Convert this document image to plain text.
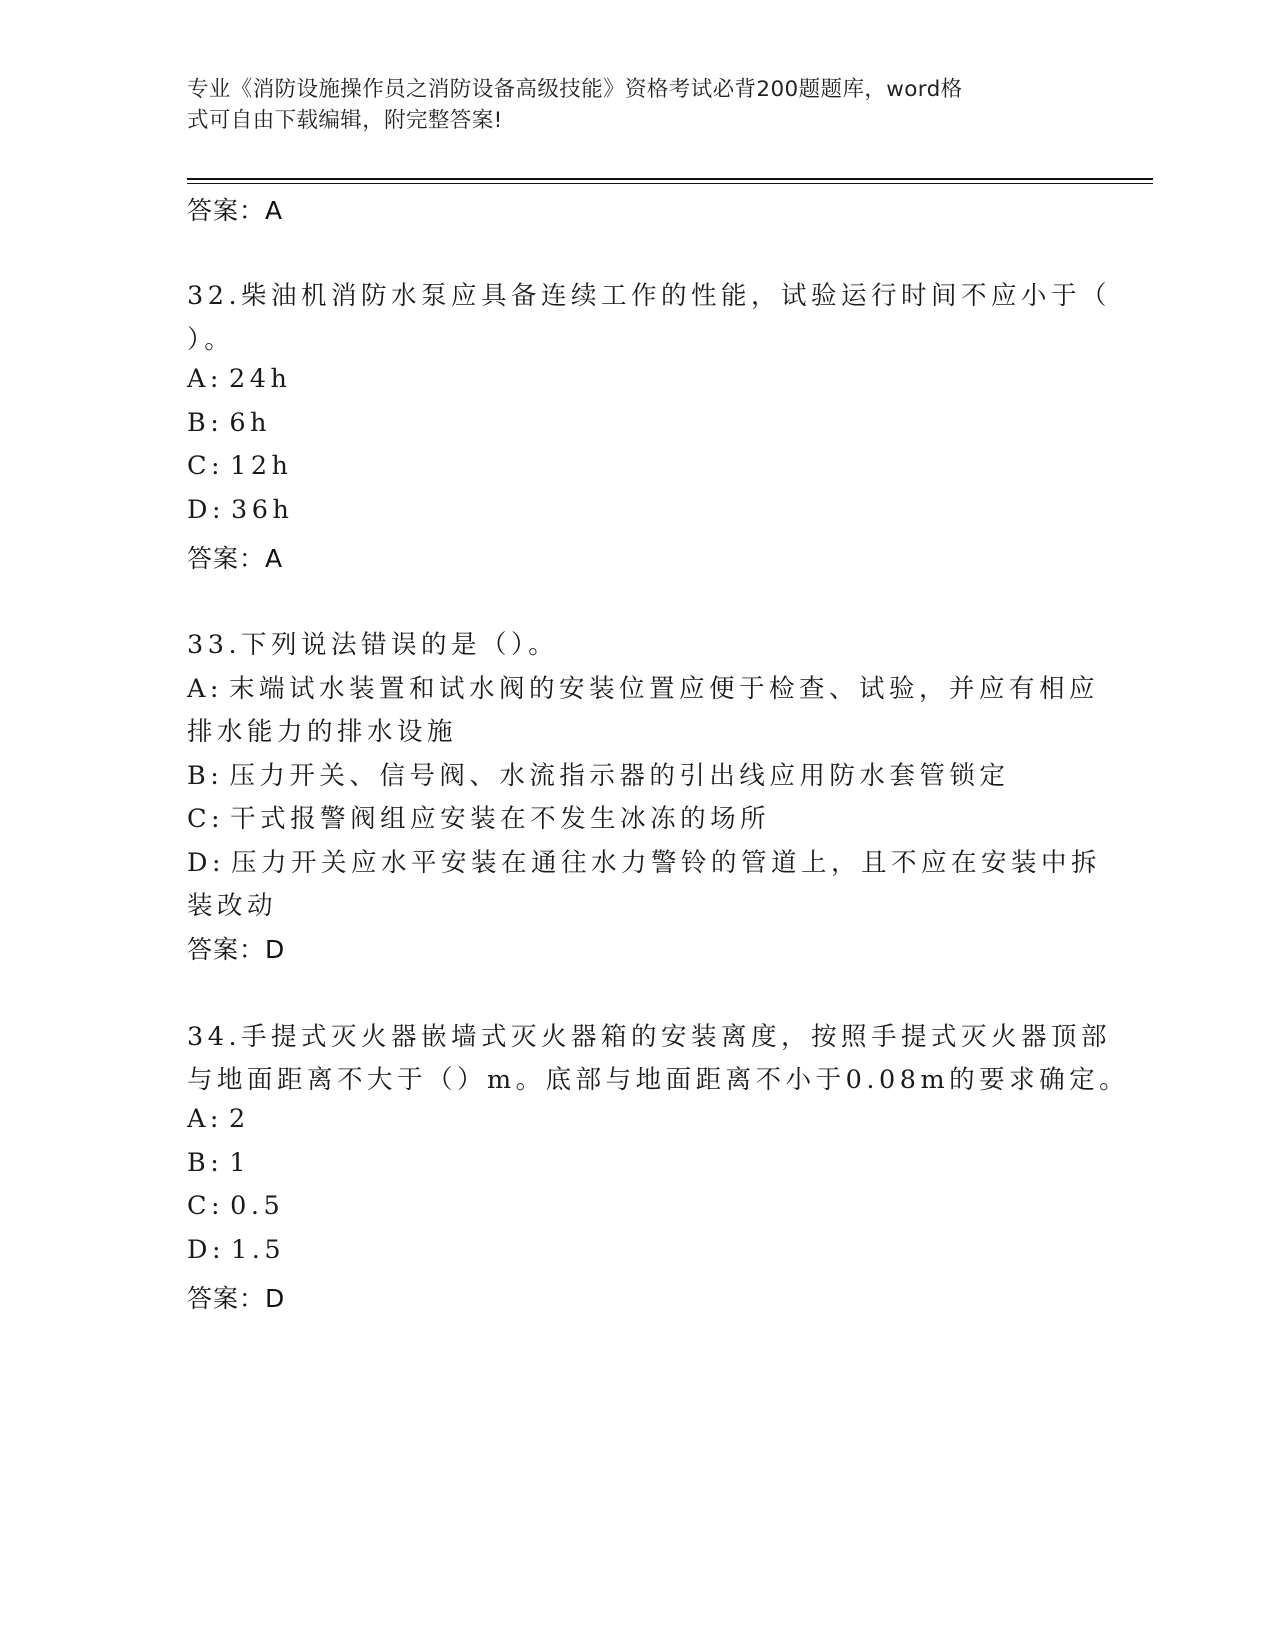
专业《消防设施操作员之消防设备高级技能》资格考试必背200题题库，word格
式可自由下载编辑，附完整答案!
答案：A
32.柴油机消防水泵应具备连续工作的性能，试验运行时间不应小于（
）。
A: 24h
B: 6h
C: 12h
D: 36h
答案：A
33.下列说法错误的是（）。
A: 末端试水装置和试水阀的安装位置应便于检查、试验，并应有相应
排水能力的排水设施
B: 压力开关、信号阀、水流指示器的引出线应用防水套管锁定
C: 干式报警阀组应安装在不发生冰冻的场所
D: 压力开关应水平安装在通往水力警铃的管道上，且不应在安装中拆
装改动
答案：D
34.手提式灭火器嵌墙式灭火器箱的安装离度，按照手提式灭火器顶部
与地面距离不大于（）m。底部与地面距离不小于0.08m的要求确定。
A: 2
B: 1
C: 0.5
D: 1.5
答案：D
